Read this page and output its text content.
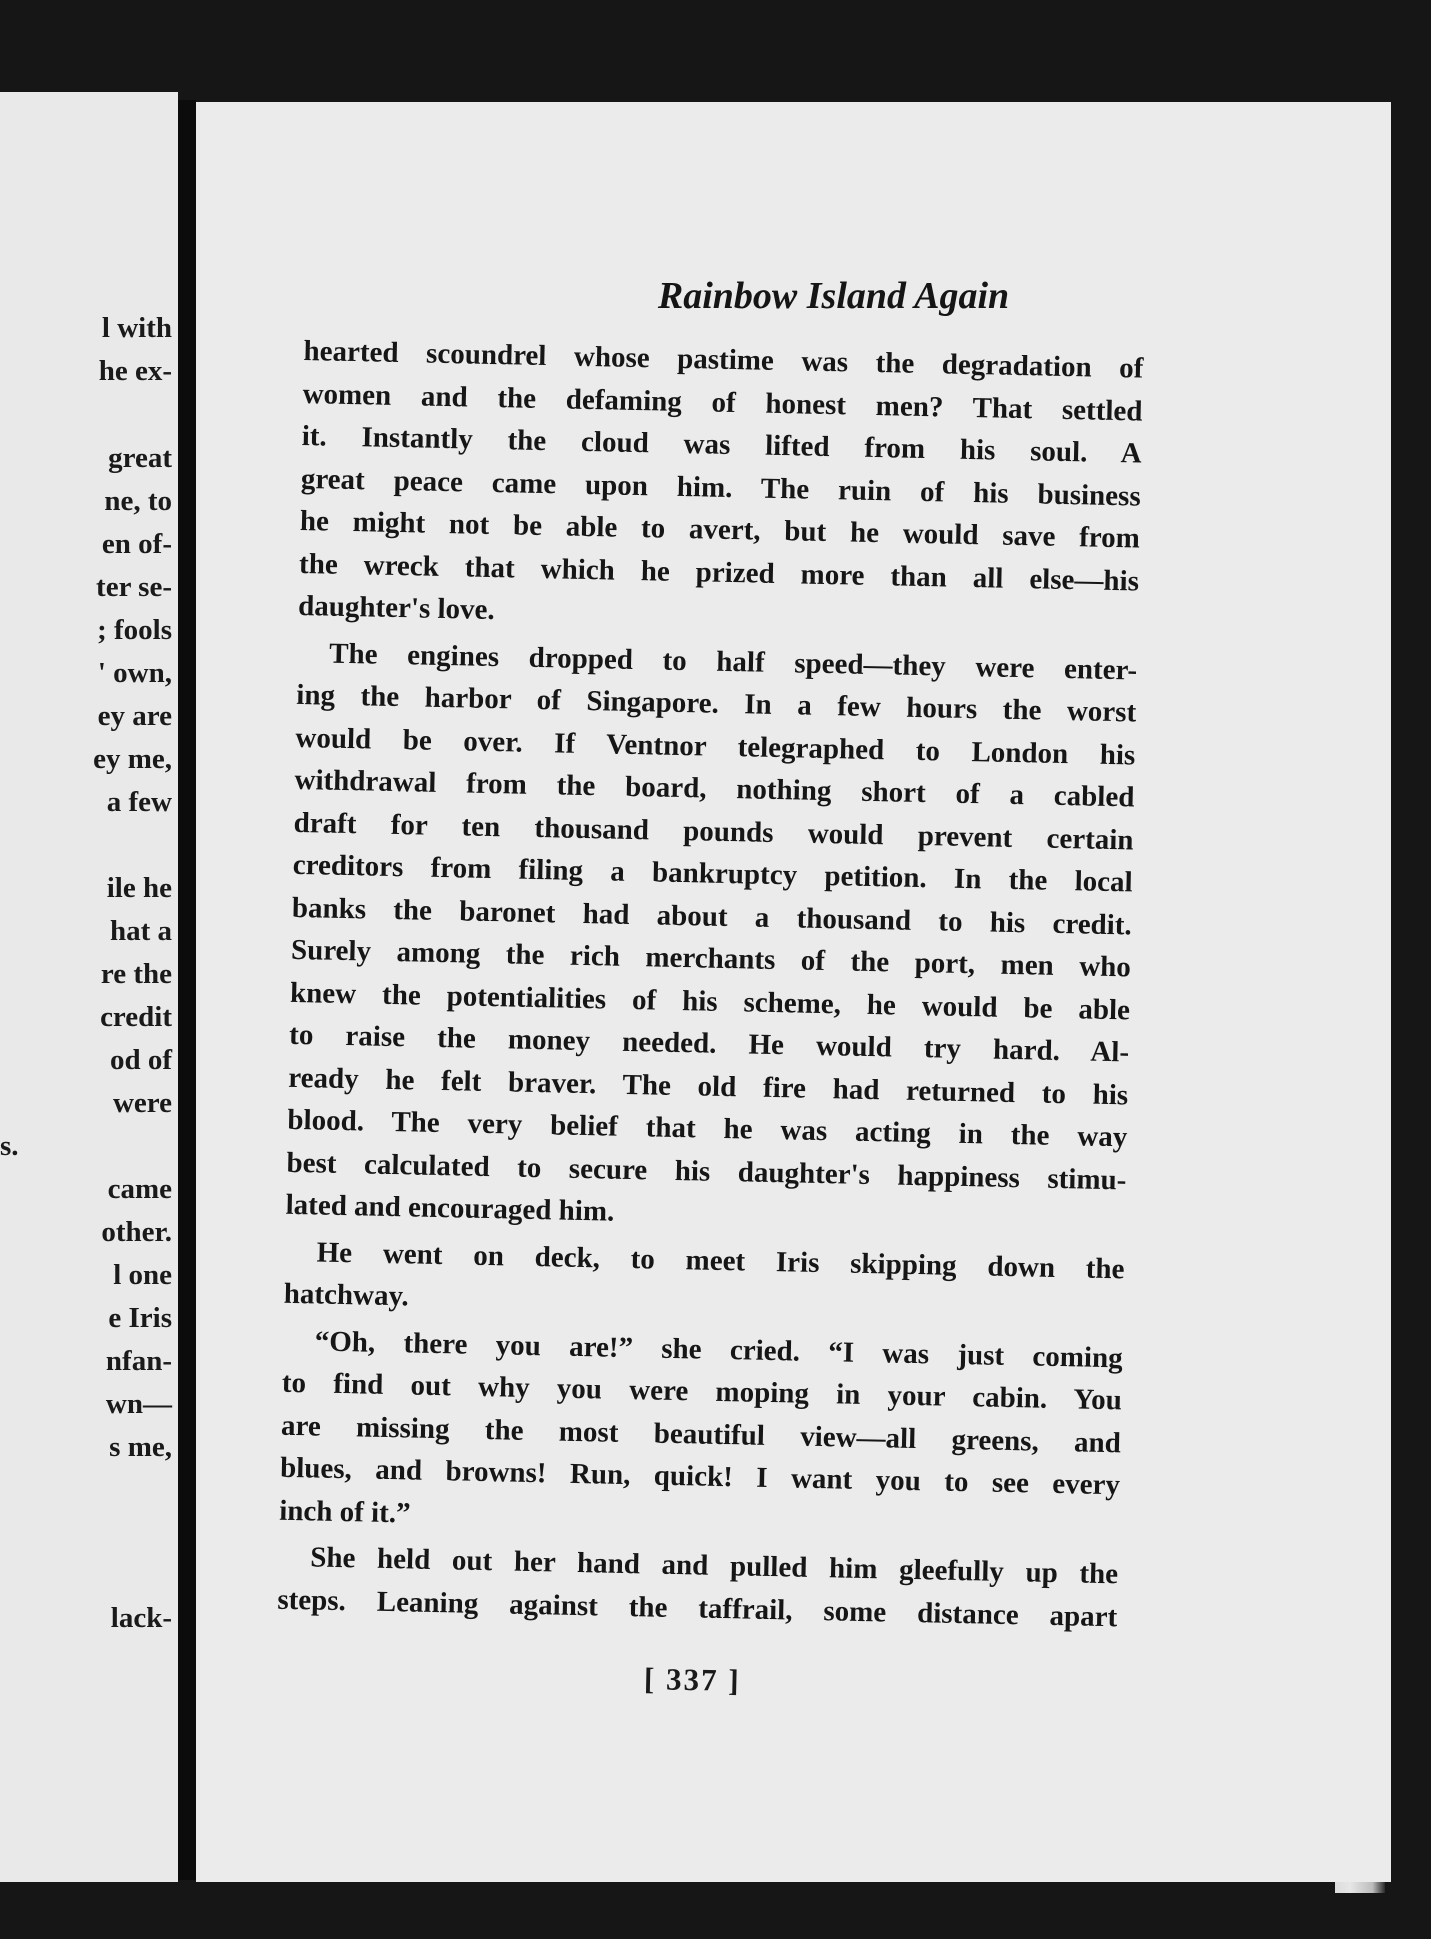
l with
he ex-
great
ne, to
en of-
ter se-
; fools
' own,
ey are
ey me,
a few
ile he
hat a
re the
credit
od of
were
s.
came
other.
l one
e Iris
nfan-
wn—
s me,
lack-
Rainbow Island Again
hearted scoundrel whose pastime was the degradation of
women and the defaming of honest men? That settled
it. Instantly the cloud was lifted from his soul. A
great peace came upon him. The ruin of his business
he might not be able to avert, but he would save from
the wreck that which he prized more than all else—his
daughter's love.
The engines dropped to half speed—they were enter-
ing the harbor of Singapore. In a few hours the worst
would be over. If Ventnor telegraphed to London his
withdrawal from the board, nothing short of a cabled
draft for ten thousand pounds would prevent certain
creditors from filing a bankruptcy petition. In the local
banks the baronet had about a thousand to his credit.
Surely among the rich merchants of the port, men who
knew the potentialities of his scheme, he would be able
to raise the money needed. He would try hard. Al-
ready he felt braver. The old fire had returned to his
blood. The very belief that he was acting in the way
best calculated to secure his daughter's happiness stimu-
lated and encouraged him.
He went on deck, to meet Iris skipping down the
hatchway.
“Oh, there you are!” she cried. “I was just coming
to find out why you were moping in your cabin. You
are missing the most beautiful view—all greens, and
blues, and browns! Run, quick! I want you to see every
inch of it.”
She held out her hand and pulled him gleefully up the
steps. Leaning against the taffrail, some distance apart
[ 337 ]
